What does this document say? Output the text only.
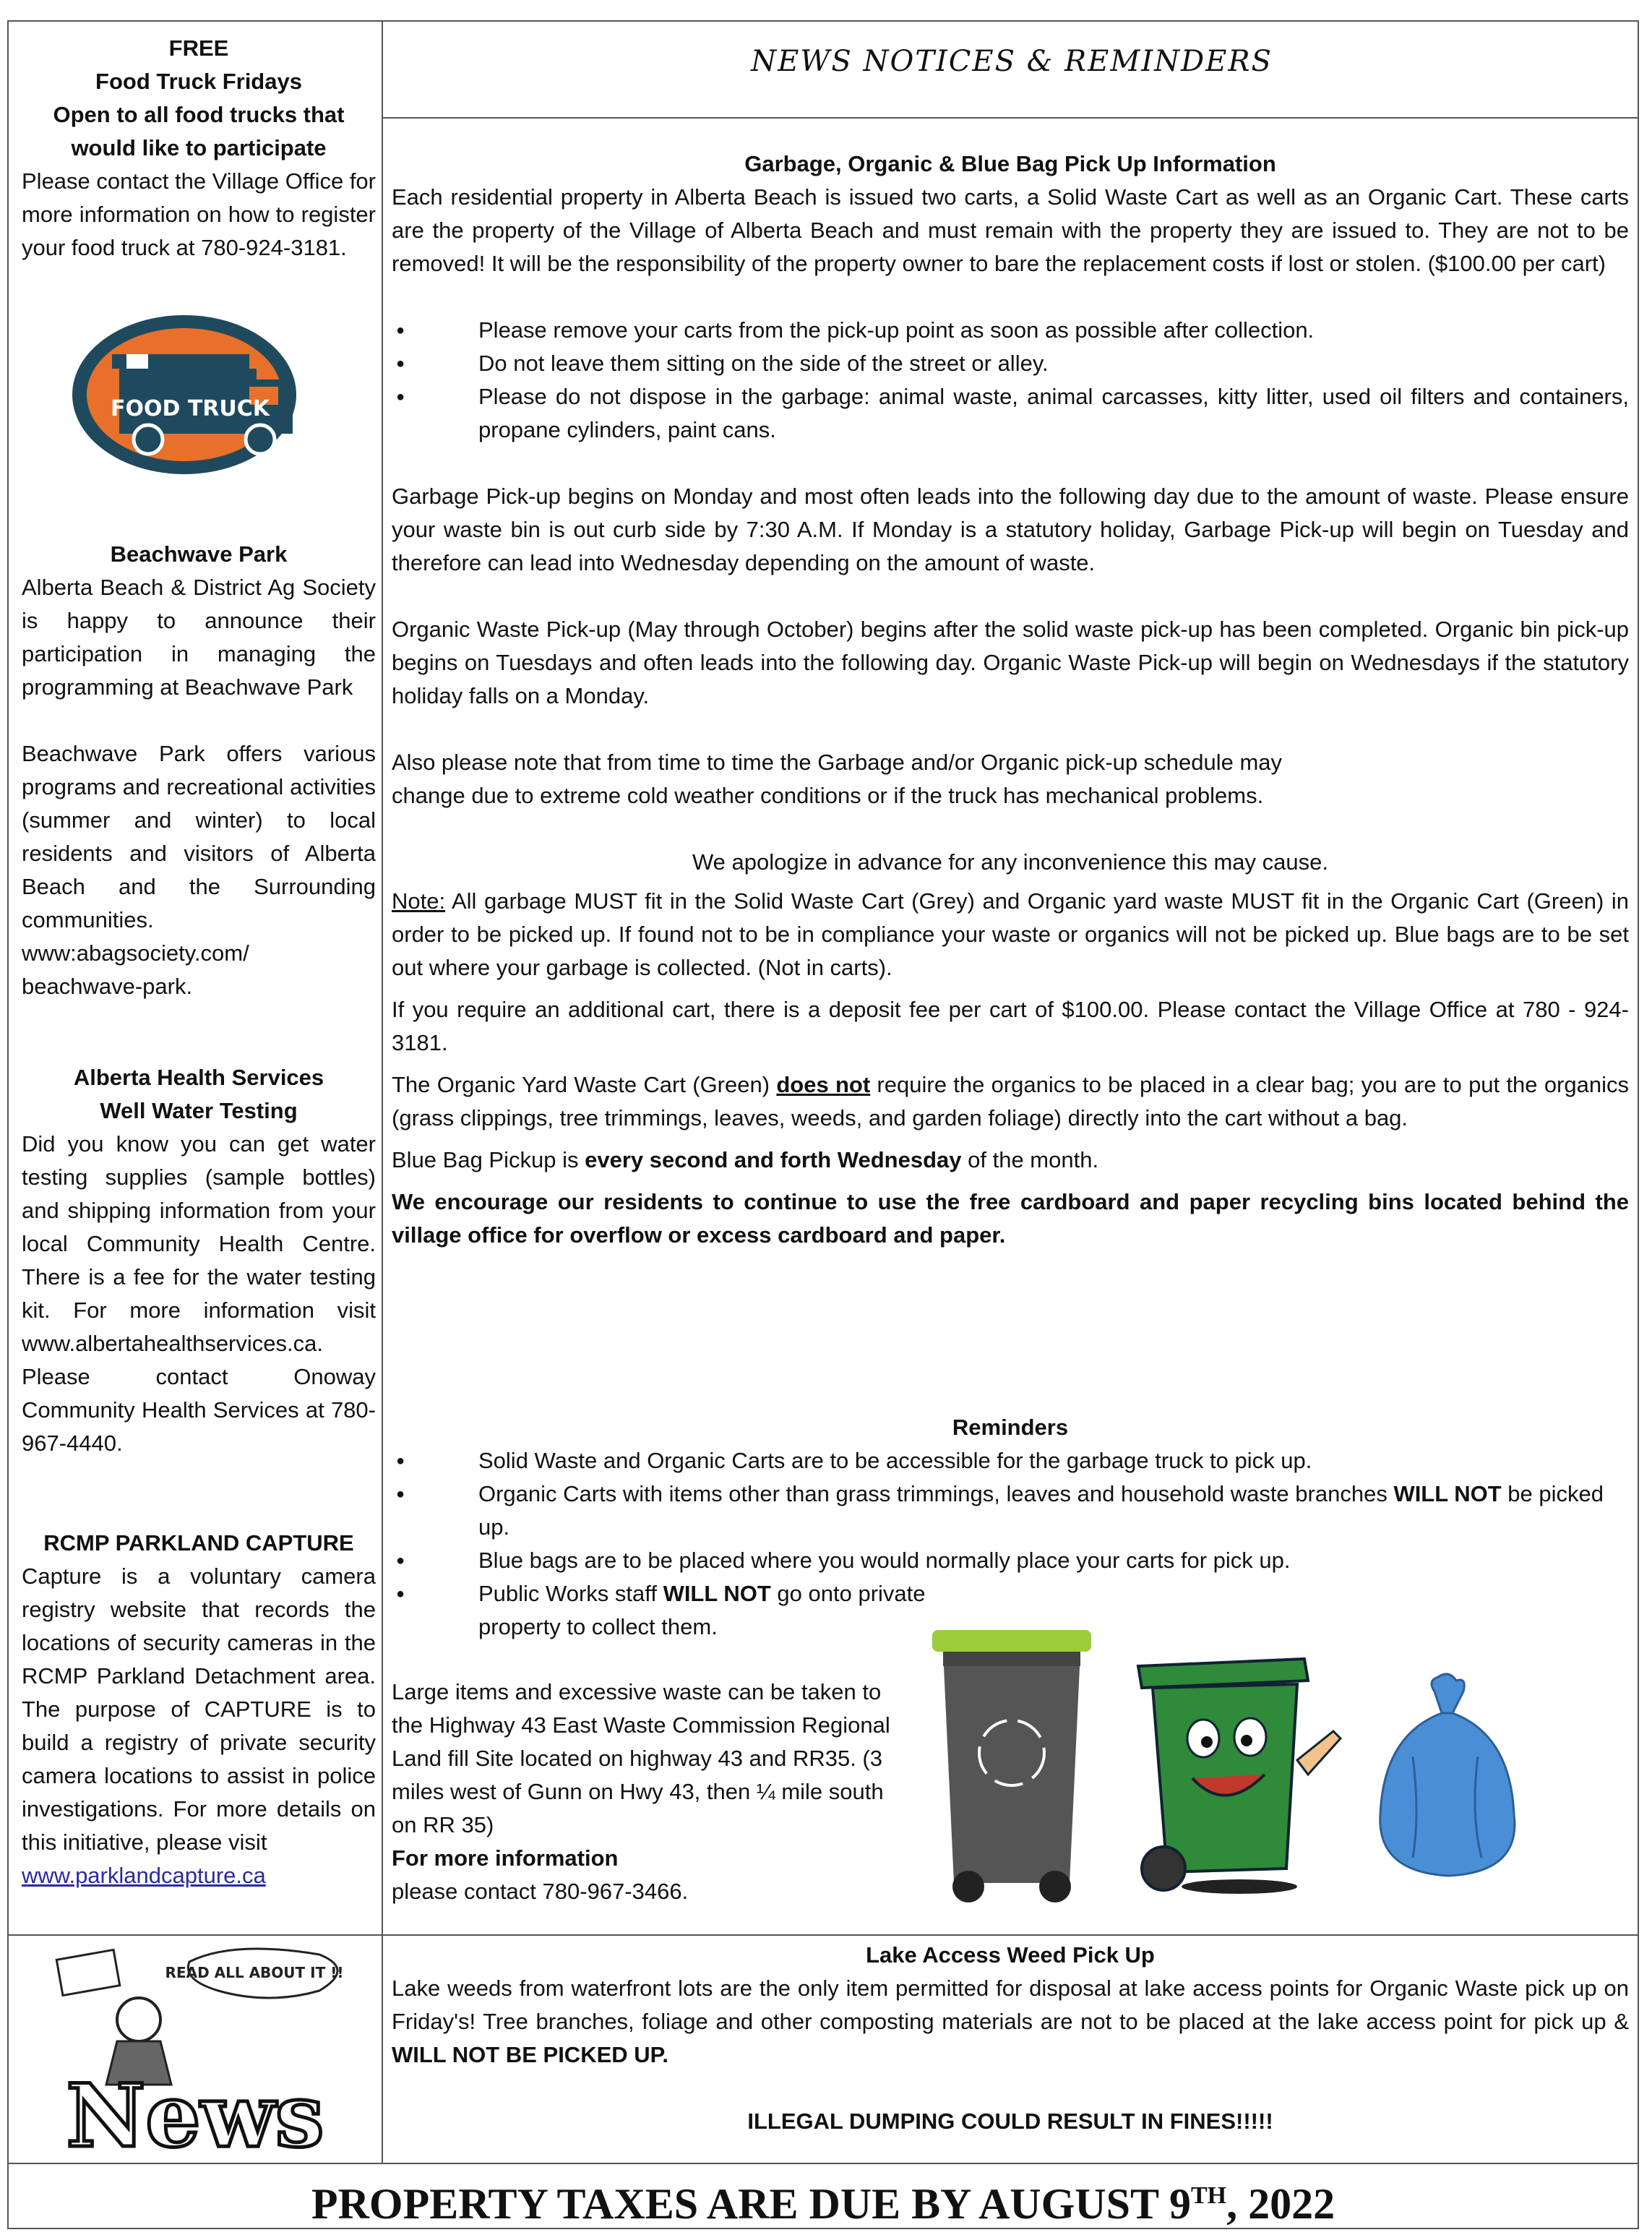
FREE

Food Truck Fridays

Open to all food trucks that

would like to participate

Please contact the Village Office for more information on how to register your food truck at 780-924-3181.

FOOD TRUCK

Beachwave Park

Alberta Beach & District Ag Society is happy to announce their participation in managing the programming at Beachwave Park

Beachwave Park offers various programs and recreational activities (summer and winter) to local residents and visitors of Alberta Beach and the Surrounding communities. www:abagsociety.com/ beachwave-park.

Alberta Health Services

Well Water Testing

Did you know you can get water testing supplies (sample bottles) and shipping information from your local Community Health Centre. There is a fee for the water testing kit. For more information visit www.albertahealthservices.ca. Please contact Onoway Community Health Services at 780-967-4440.

RCMP PARKLAND CAPTURE

Capture is a voluntary camera registry website that records the locations of security cameras in the RCMP Parkland Detachment area. The purpose of CAPTURE is to build a registry of private security camera locations to assist in police investigations. For more details on this initiative, please visit
www.parklandcapture.ca

READ ALL ABOUT IT !!
News
NEWS NOTICES & REMINDERS

Garbage, Organic & Blue Bag Pick Up Information

Each residential property in Alberta Beach is issued two carts, a Solid Waste Cart as well as an Organic Cart. These carts are the property of the Village of Alberta Beach and must remain with the property they are issued to. They are not to be removed! It will be the responsibility of the property owner to bare the replacement costs if lost or stolen. ($100.00 per cart)

● Please remove your carts from the pick-up point as soon as possible after collection.

● Do not leave them sitting on the side of the street or alley.

● Please do not dispose in the garbage: animal waste, animal carcasses, kitty litter, used oil filters and containers, propane cylinders, paint cans.

Garbage Pick-up begins on Monday and most often leads into the following day due to the amount of waste. Please ensure your waste bin is out curb side by 7:30 A.M. If Monday is a statutory holiday, Garbage Pick-up will begin on Tuesday and therefore can lead into Wednesday depending on the amount of waste.

Organic Waste Pick-up (May through October) begins after the solid waste pick-up has been completed. Organic bin pick-up begins on Tuesdays and often leads into the following day. Organic Waste Pick-up will begin on Wednesdays if the statutory holiday falls on a Monday.

Also please note that from time to time the Garbage and/or Organic pick-up schedule may

change due to extreme cold weather conditions or if the truck has mechanical problems.

We apologize in advance for any inconvenience this may cause.

Note: All garbage MUST fit in the Solid Waste Cart (Grey) and Organic yard waste MUST fit in the Organic Cart (Green) in order to be picked up. If found not to be in compliance your waste or organics will not be picked up. Blue bags are to be set out where your garbage is collected. (Not in carts).

If you require an additional cart, there is a deposit fee per cart of $100.00. Please contact the Village Office at 780 - 924-3181.

The Organic Yard Waste Cart (Green) does not require the organics to be placed in a clear bag; you are to put the organics (grass clippings, tree trimmings, leaves, weeds, and garden foliage) directly into the cart without a bag.

Blue Bag Pickup is every second and forth Wednesday of the month.

We encourage our residents to continue to use the free cardboard and paper recycling bins located behind the village office for overflow or excess cardboard and paper.

Reminders

● Solid Waste and Organic Carts are to be accessible for the garbage truck to pick up.

● Organic Carts with items other than grass trimmings, leaves and household waste branches WILL NOT be picked up.

● Blue bags are to be placed where you would normally place your carts for pick up.

● Public Works staff WILL NOT go onto private property to collect them.

Large items and excessive waste can be taken to the Highway 43 East Waste Commission Regional Land fill Site located on highway 43 and RR35. (3 miles west of Gunn on Hwy 43, then ¼ mile south on RR 35)

For more information

please contact 780-967-3466.

Lake Access Weed Pick Up

Lake weeds from waterfront lots are the only item permitted for disposal at lake access points for Organic Waste pick up on Friday's! Tree branches, foliage and other composting materials are not to be placed at the lake access point for pick up & WILL NOT BE PICKED UP.

ILLEGAL DUMPING COULD RESULT IN FINES!!!!!

PROPERTY TAXES ARE DUE BY AUGUST 9TH, 2022
